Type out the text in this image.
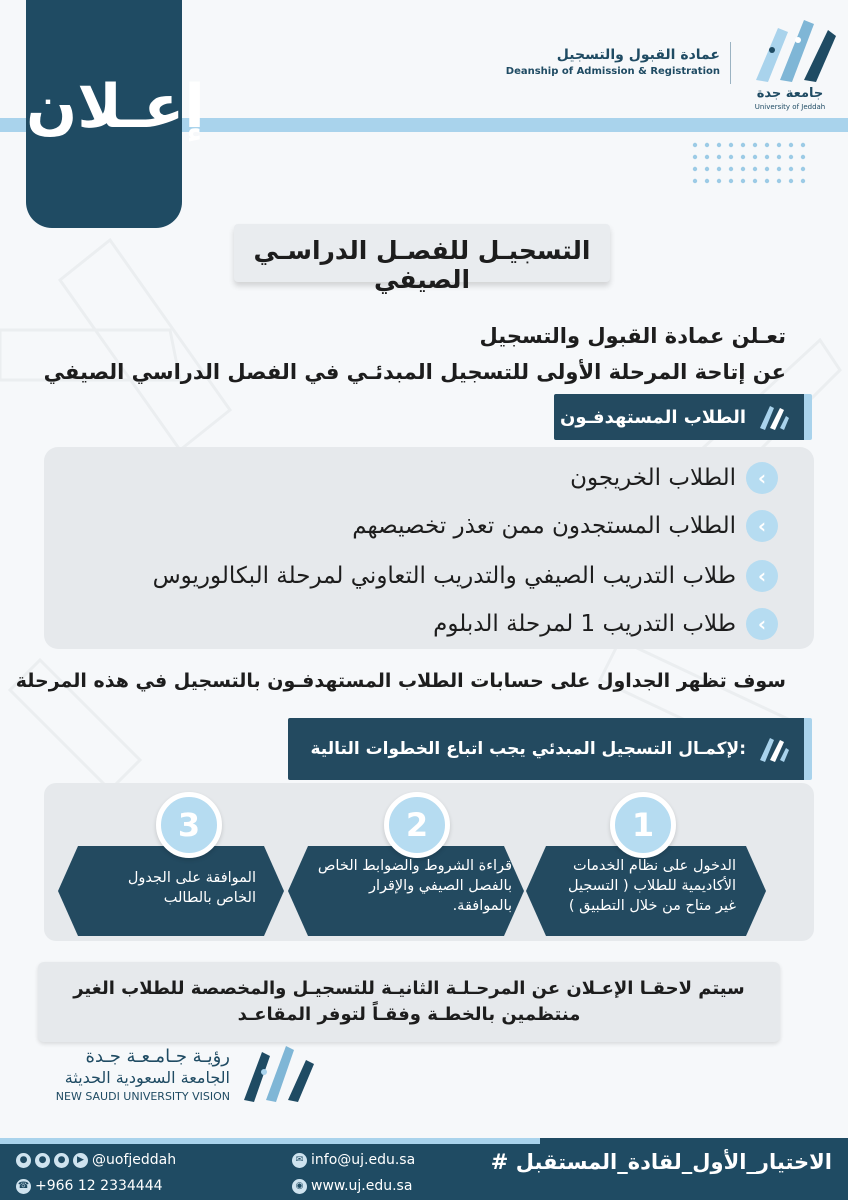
إعـلان	جامعة جدة
University of Jeddah
عمادة القبول والتسجيل
Deanship of Admission & Registration
التسجيـل للفصـل الدراسـي الصيفي
تعـلن عمادة القبول والتسجيل
عن إتاحة المرحلة الأولى للتسجيل المبدئـي في الفصل الدراسي الصيفي
الطلاب المستهدفـون
الطلاب الخريجون	‹
الطلاب المستجدون ممن تعذر تخصيصهم	‹
طلاب التدريب الصيفي والتدريب التعاوني لمرحلة البكالوريوس	‹
طلاب التدريب 1 لمرحلة الدبلوم	‹
سوف تظهر الجداول على حسابات الطلاب المستهدفـون بالتسجيل في هذه المرحلة
لإكمـال التسجيل المبدئي يجب اتباع الخطوات التالية:
الدخول على نظام الخدمات
الأكاديمية للطلاب ( التسجيل
غير متاح من خلال التطبيق )
1
قراءة الشروط والضوابط الخاص
بالفصل الصيفي والإقرار
بالموافقة.
2
الموافقة على الجدول
الخاص بالطالب
3
سيتم لاحقـا الإعـلان عن المرحـلـة الثانيـة للتسجيـل والمخصصة للطلاب الغير
منتظمين بالخطـة وفقـاً لتوفر المقاعـد
رؤيـة جـامـعـة جـدة
الجامعة السعودية الحديثة
NEW SAUDI UNIVERSITY VISION
●	●	●	▶ @uofjeddah
☎ +966 12 2334444
✉ info@uj.edu.sa
◉ www.uj.edu.sa
# الاختيار_الأول_لقادة_المستقبل
